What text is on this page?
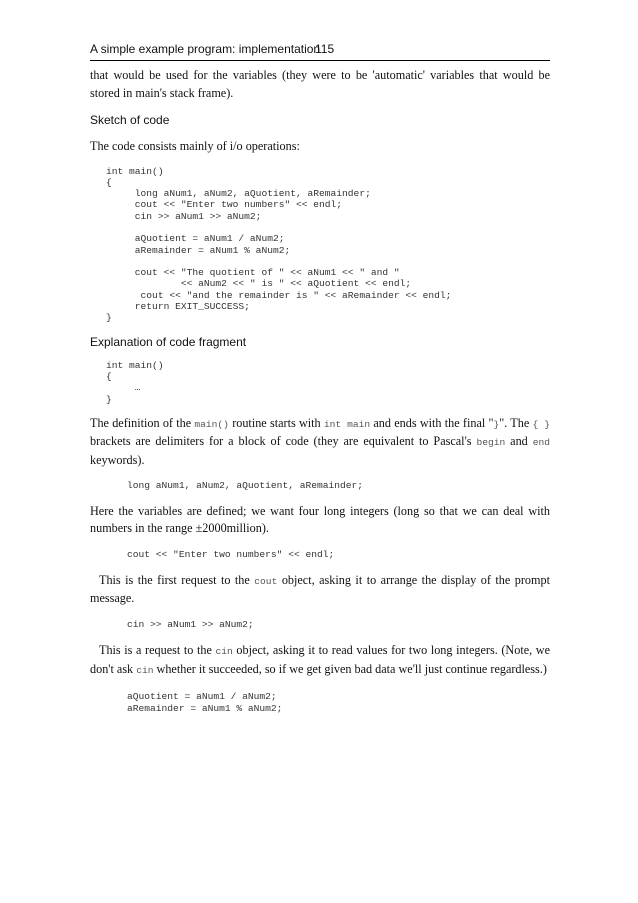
A simple example program: implementation
115

that would be used for the variables (they were to be 'automatic' variables that would be stored in main's stack frame).

Sketch of code

The code consists mainly of i/o operations:

int main()
{
long aNum1, aNum2, aQuotient, aRemainder;
cout << "Enter two numbers" << endl;
cin >> aNum1 >> aNum2;
aQuotient = aNum1 / aNum2;
aRemainder = aNum1 % aNum2;
cout << "The quotient of " << aNum1 << " and "
<< aNum2 << " is " << aQuotient << endl;
cout << "and the remainder is " << aRemainder << endl;
return EXIT_SUCCESS;
}

Explanation of code fragment

int main()
{
…
}

The definition of the main() routine starts with int main and ends with the final "}". The { } brackets are delimiters for a block of code (they are equivalent to Pascal's begin and end keywords).

long aNum1, aNum2, aQuotient, aRemainder;

Here the variables are defined; we want four long integers (long so that we can deal with numbers in the range ±2000million).

cout << "Enter two numbers" << endl;

This is the first request to the cout object, asking it to arrange the display of the prompt message.

cin >> aNum1 >> aNum2;

This is a request to the cin object, asking it to read values for two long integers. (Note, we don't ask cin whether it succeeded, so if we get given bad data we'll just continue regardless.)

aQuotient = aNum1 / aNum2;
aRemainder = aNum1 % aNum2;
